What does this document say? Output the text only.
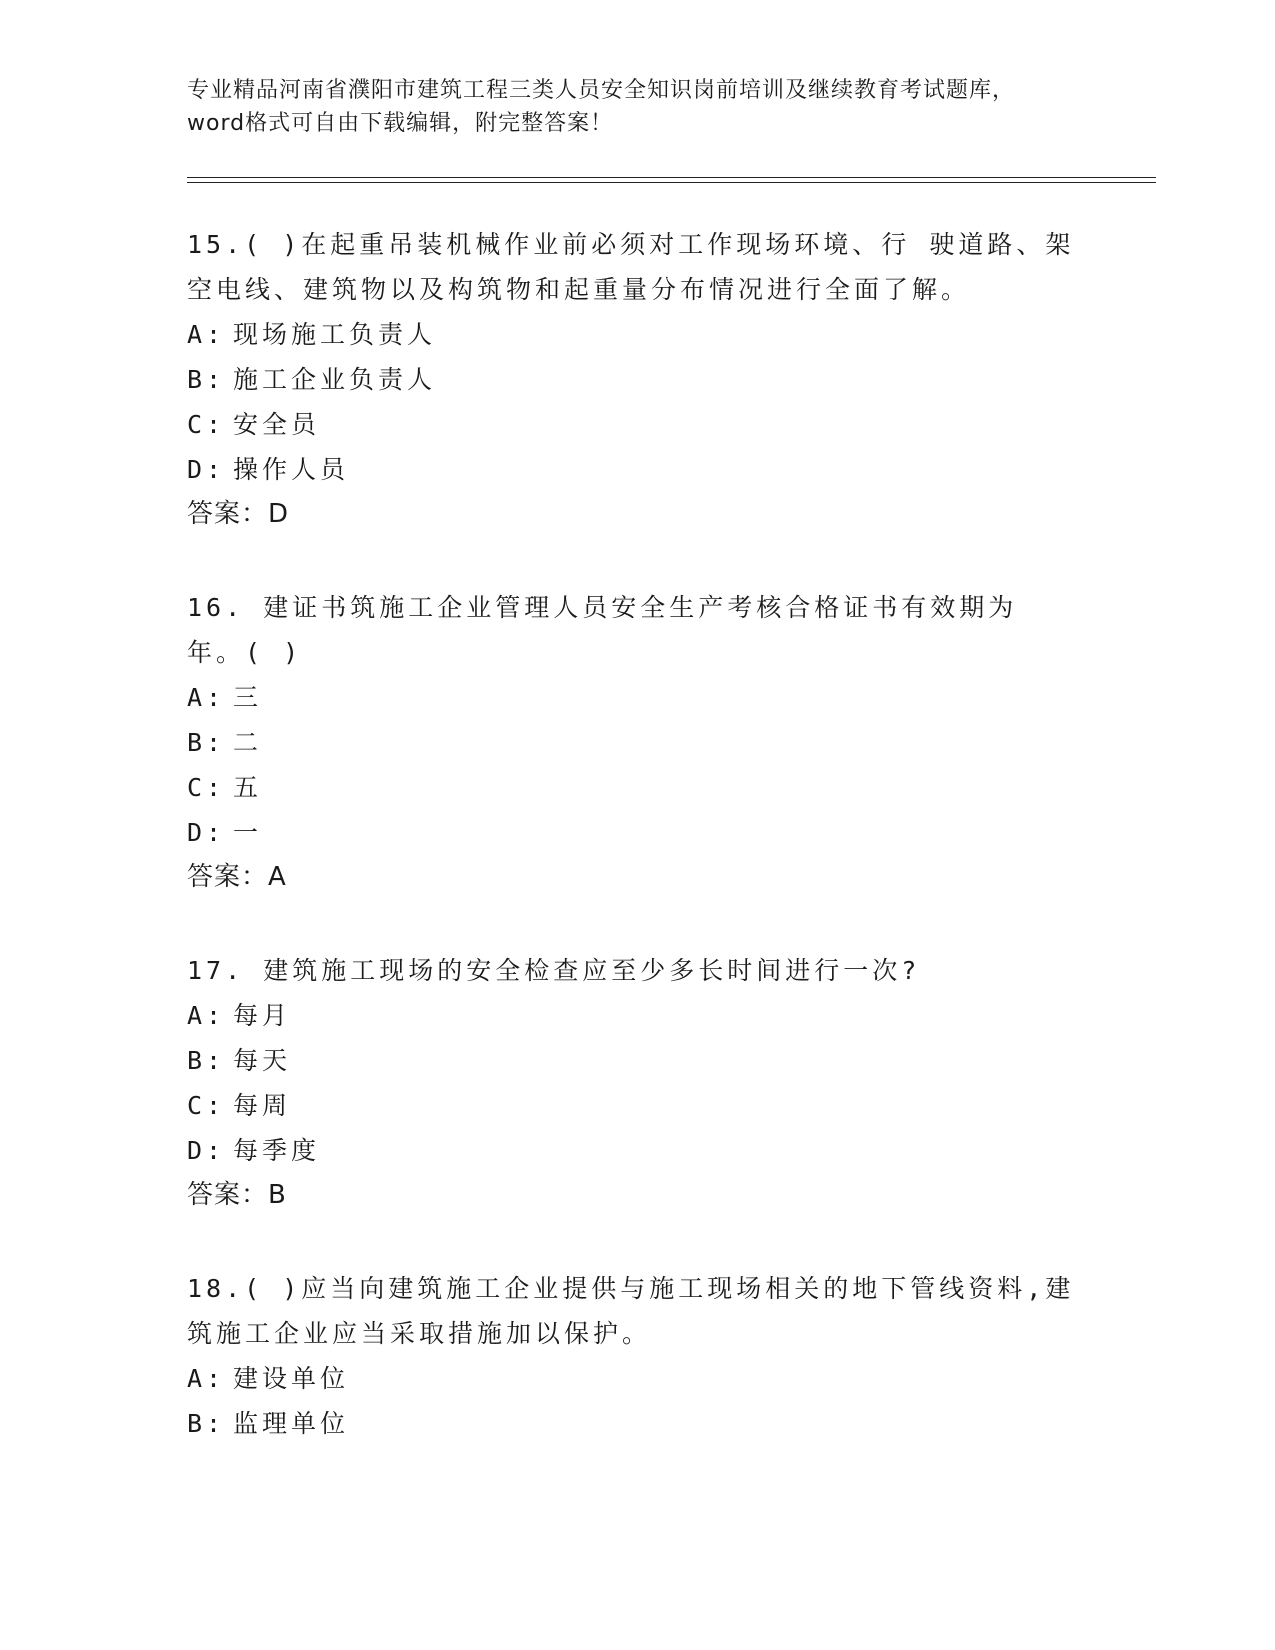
专业精品河南省濮阳市建筑工程三类人员安全知识岗前培训及继续教育考试题库，
word格式可自由下载编辑，附完整答案！

15.( )在起重吊装机械作业前必须对工作现场环境、行 驶道路、架

空电线、建筑物以及构筑物和起重量分布情况进行全面了解。

A: 现场施工负责人

B: 施工企业负责人

C: 安全员

D: 操作人员

答案：D

16. 建证书筑施工企业管理人员安全生产考核合格证书有效期为

年。( )

A: 三

B: 二

C: 五

D: 一

答案：A

17. 建筑施工现场的安全检查应至少多长时间进行一次?

A: 每月

B: 每天

C: 每周

D: 每季度

答案：B

18.( )应当向建筑施工企业提供与施工现场相关的地下管线资料,建

筑施工企业应当采取措施加以保护。

A: 建设单位

B: 监理单位
